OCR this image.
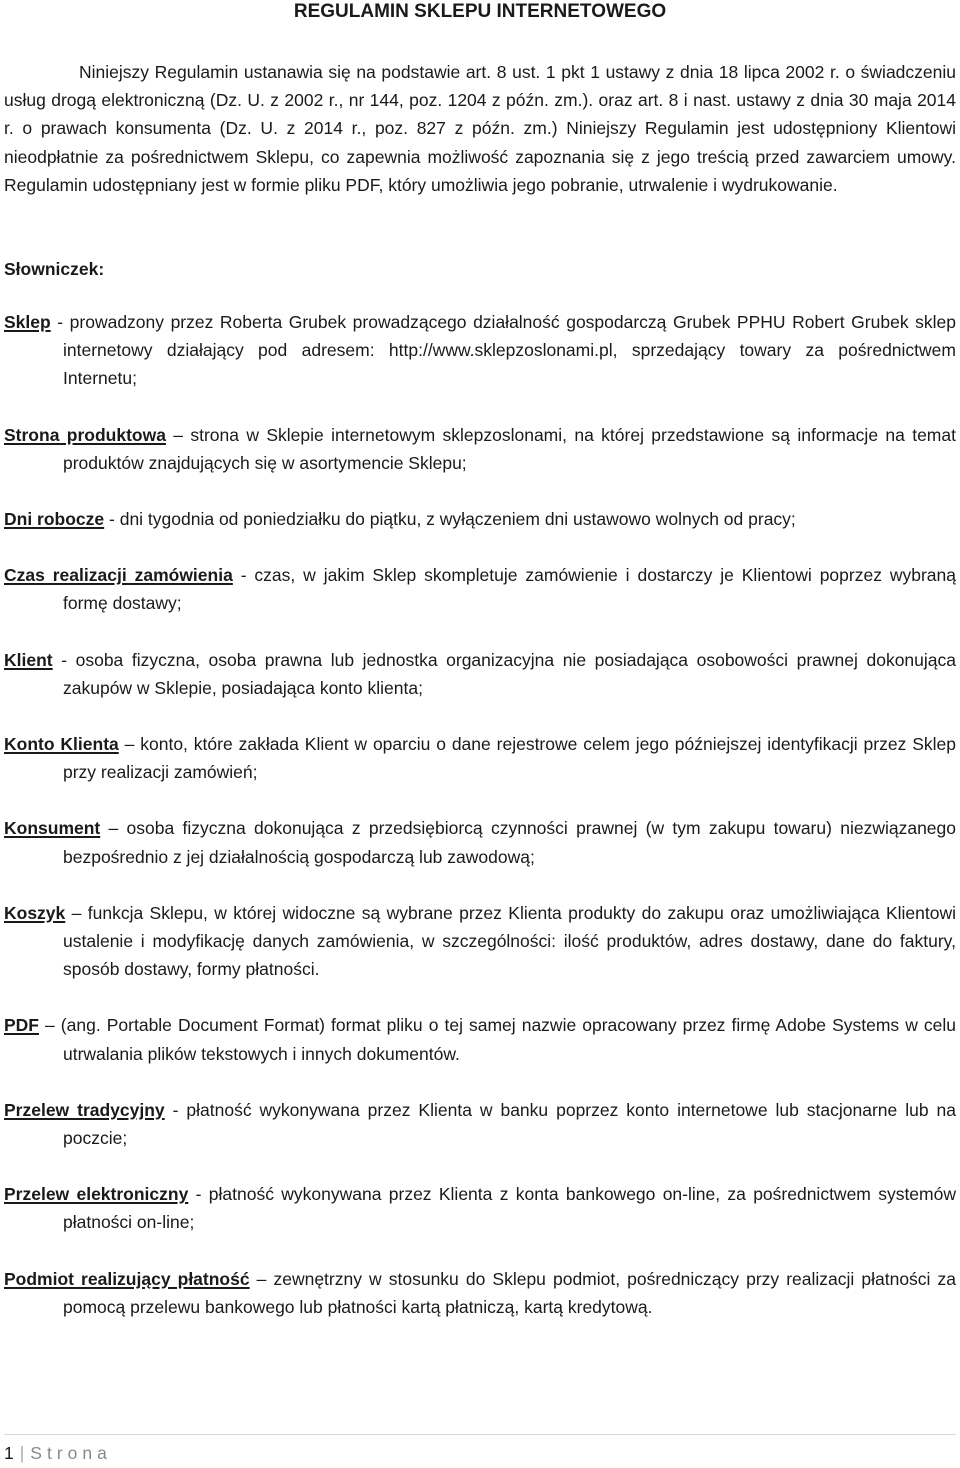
REGULAMIN SKLEPU INTERNETOWEGO
Niniejszy Regulamin ustanawia się na podstawie art. 8 ust. 1 pkt 1 ustawy z dnia 18 lipca 2002 r. o świadczeniu usług drogą elektroniczną (Dz. U. z 2002 r., nr 144, poz. 1204 z późn. zm.). oraz art. 8 i nast. ustawy z dnia 30 maja 2014 r. o prawach konsumenta (Dz. U. z 2014 r., poz. 827 z późn. zm.) Niniejszy Regulamin jest udostępniony Klientowi nieodpłatnie za pośrednictwem Sklepu, co zapewnia możliwość zapoznania się z jego treścią przed zawarciem umowy. Regulamin udostępniany jest w formie pliku PDF, który umożliwia jego pobranie, utrwalenie i wydrukowanie.
Słowniczek:
Sklep - prowadzony przez Roberta Grubek prowadzącego działalność gospodarczą Grubek PPHU Robert Grubek sklep internetowy działający pod adresem: http://www.sklepzoslonami.pl, sprzedający towary za pośrednictwem Internetu;
Strona produktowa – strona w Sklepie internetowym sklepzoslonami, na której przedstawione są informacje na temat produktów znajdujących się w asortymencie Sklepu;
Dni robocze - dni tygodnia od poniedziałku do piątku, z wyłączeniem dni ustawowo wolnych od pracy;
Czas realizacji zamówienia - czas, w jakim Sklep skompletuje zamówienie i dostarczy je Klientowi poprzez wybraną formę dostawy;
Klient - osoba fizyczna, osoba prawna lub jednostka organizacyjna nie posiadająca osobowości prawnej dokonująca zakupów w Sklepie, posiadająca konto klienta;
Konto Klienta – konto, które zakłada Klient w oparciu o dane rejestrowe celem jego późniejszej identyfikacji przez Sklep przy realizacji zamówień;
Konsument – osoba fizyczna dokonująca z przedsiębiorcą czynności prawnej (w tym zakupu towaru) niezwiązanego bezpośrednio z jej działalnością gospodarczą lub zawodową;
Koszyk – funkcja Sklepu, w której widoczne są wybrane przez Klienta produkty do zakupu oraz umożliwiająca Klientowi ustalenie i modyfikację danych zamówienia, w szczególności: ilość produktów, adres dostawy, dane do faktury, sposób dostawy, formy płatności.
PDF – (ang. Portable Document Format) format pliku o tej samej nazwie opracowany przez firmę Adobe Systems w celu utrwalania plików tekstowych i innych dokumentów.
Przelew tradycyjny - płatność wykonywana przez Klienta w banku poprzez konto internetowe lub stacjonarne lub na poczcie;
Przelew elektroniczny - płatność wykonywana przez Klienta z konta bankowego on-line, za pośrednictwem systemów płatności on-line;
Podmiot realizujący płatność – zewnętrzny w stosunku do Sklepu podmiot, pośredniczący przy realizacji płatności za pomocą przelewu bankowego lub płatności kartą płatniczą, kartą kredytową.
1 | Strona
